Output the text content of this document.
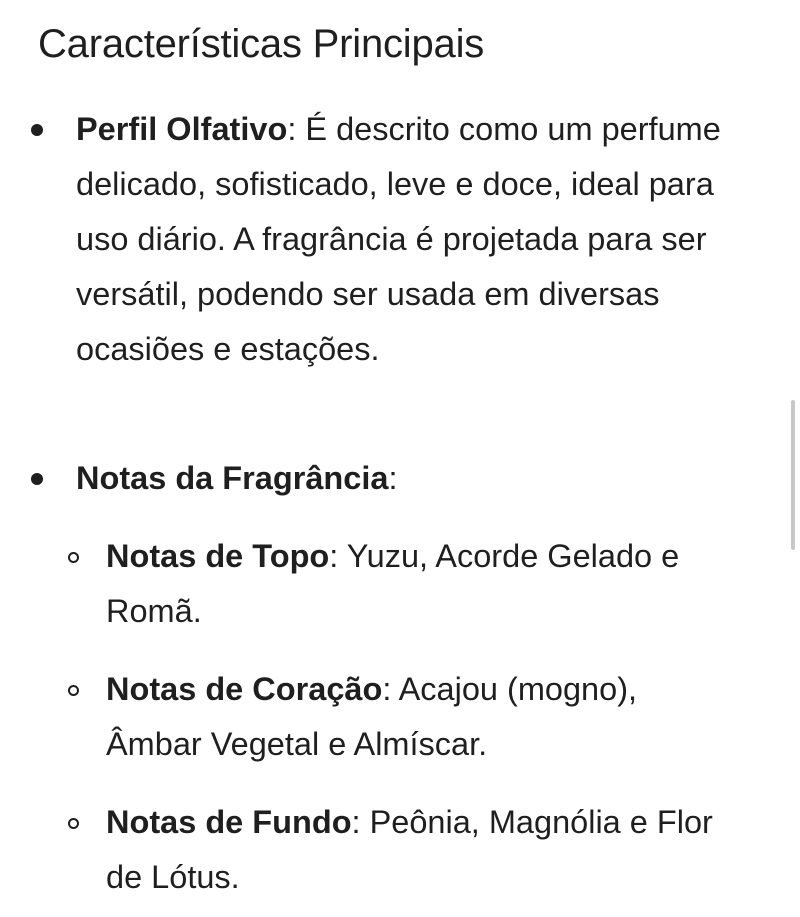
Características Principais
Perfil Olfativo: É descrito como um perfume delicado, sofisticado, leve e doce, ideal para uso diário. A fragrância é projetada para ser versátil, podendo ser usada em diversas ocasiões e estações.
Notas da Fragrância:
Notas de Topo: Yuzu, Acorde Gelado e Romã.
Notas de Coração: Acajou (mogno), Âmbar Vegetal e Almíscar.
Notas de Fundo: Peônia, Magnólia e Flor de Lótus.
